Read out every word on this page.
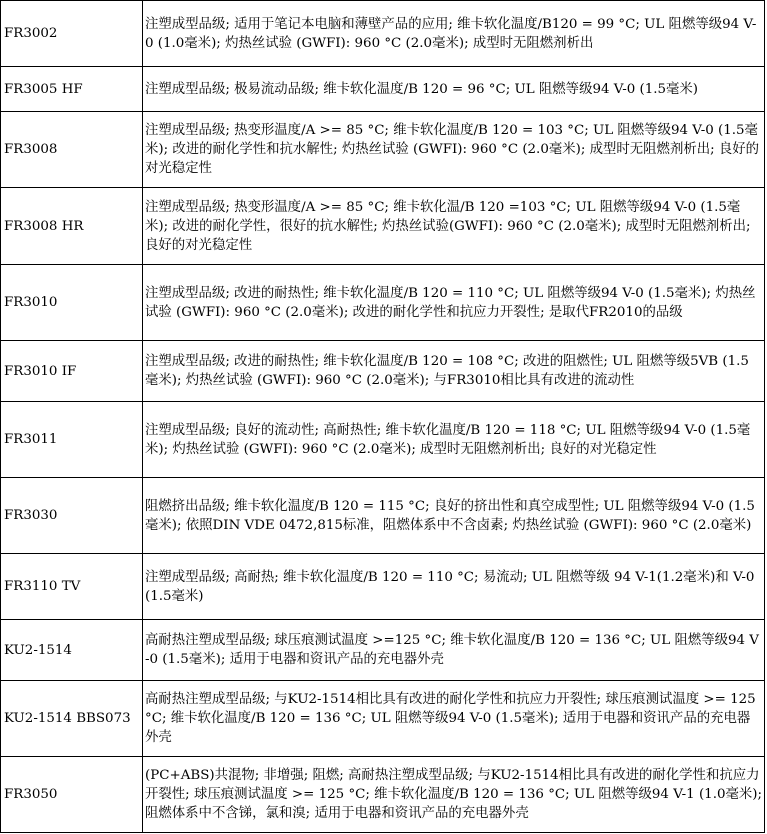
FR3002	注塑成型品级; 适用于笔记本电脑和薄壁产品的应用; 维卡软化温度/B120 = 99 °C; UL 阻燃等级94 V-0 (1.0毫米); 灼热丝试验 (GWFI): 960 °C (2.0毫米); 成型时无阻燃剂析出
FR3005 HF	注塑成型品级; 极易流动品级; 维卡软化温度/B 120 = 96 °C; UL 阻燃等级94 V-0 (1.5毫米)
FR3008	注塑成型品级; 热变形温度/A >= 85 °C; 维卡软化温度/B 120 = 103 °C; UL 阻燃等级94 V-0 (1.5毫米); 改进的耐化学性和抗水解性; 灼热丝试验 (GWFI): 960 °C (2.0毫米); 成型时无阻燃剂析出; 良好的对光稳定性
FR3008 HR	注塑成型品级; 热变形温度/A >= 85 °C; 维卡软化温/B 120 =103 °C; UL 阻燃等级94 V-0 (1.5毫米); 改进的耐化学性，很好的抗水解性; 灼热丝试验(GWFI): 960 °C (2.0毫米); 成型时无阻燃剂析出; 良好的对光稳定性
FR3010	注塑成型品级; 改进的耐热性; 维卡软化温度/B 120 = 110 °C; UL 阻燃等级94 V-0 (1.5毫米); 灼热丝试验 (GWFI): 960 °C (2.0毫米); 改进的耐化学性和抗应力开裂性; 是取代FR2010的品级
FR3010 IF	注塑成型品级; 改进的耐热性; 维卡软化温度/B 120 = 108 °C; 改进的阻燃性; UL 阻燃等级5VB (1.5毫米); 灼热丝试验 (GWFI): 960 °C (2.0毫米); 与FR3010相比具有改进的流动性
FR3011	注塑成型品级; 良好的流动性; 高耐热性; 维卡软化温度/B 120 = 118 °C; UL 阻燃等级94 V-0 (1.5毫米); 灼热丝试验 (GWFI): 960 °C (2.0毫米); 成型时无阻燃剂析出; 良好的对光稳定性
FR3030	阻燃挤出品级; 维卡软化温度/B 120 = 115 °C; 良好的挤出性和真空成型性; UL 阻燃等级94 V-0 (1.5毫米); 依照DIN VDE 0472,815标准，阻燃体系中不含卤素; 灼热丝试验 (GWFI): 960 °C (2.0毫米)
FR3110 TV	注塑成型品级; 高耐热; 维卡软化温度/B 120 = 110 °C; 易流动; UL 阻燃等级 94 V-1(1.2毫米)和 V-0 (1.5毫米)
KU2-1514	高耐热注塑成型品级; 球压痕测试温度 >=125 °C; 维卡软化温度/B 120 = 136 °C; UL 阻燃等级94 V-0 (1.5毫米); 适用于电器和资讯产品的充电器外壳
KU2-1514 BBS073	高耐热注塑成型品级; 与KU2-1514相比具有改进的耐化学性和抗应力开裂性; 球压痕测试温度 >= 125 °C; 维卡软化温度/B 120 = 136 °C; UL 阻燃等级94 V-0 (1.5毫米); 适用于电器和资讯产品的充电器外壳
FR3050	(PC+ABS)共混物; 非增强; 阻燃; 高耐热注塑成型品级; 与KU2-1514相比具有改进的耐化学性和抗应力开裂性; 球压痕测试温度 >= 125 °C; 维卡软化温度/B 120 = 136 °C; UL 阻燃等级94 V-1 (1.0毫米); 阻燃体系中不含锑，氯和溴; 适用于电器和资讯产品的充电器外壳
